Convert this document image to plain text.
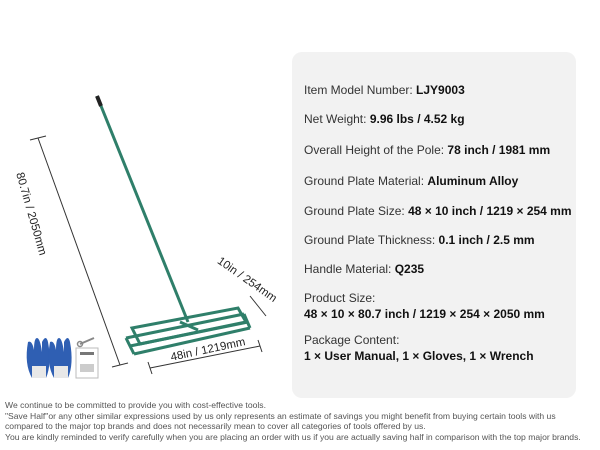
80.7in / 2050mm
10in / 254mm
48in / 1219mm
Item Model Number: LJY9003
Net Weight: 9.96 lbs / 4.52 kg
Overall Height of the Pole: 78 inch / 1981 mm
Ground Plate Material: Aluminum Alloy
Ground Plate Size: 48 × 10 inch / 1219 × 254 mm
Ground Plate Thickness: 0.1 inch / 2.5 mm
Handle Material: Q235
Product Size:
48 × 10 × 80.7 inch / 1219 × 254 × 2050 mm
Package Content:
1 × User Manual, 1 × Gloves, 1 × Wrench
We continue to be committed to provide you with cost-effective tools.
"Save Half"or any other similar expressions used by us only represents an estimate of savings you might benefit from buying certain tools with us
compared to the major top brands and does not necessarily mean to cover all categories of tools offered by us.
You are kindly reminded to verify carefully when you are placing an order with us if you are actually saving half in comparison with the top major brands.
